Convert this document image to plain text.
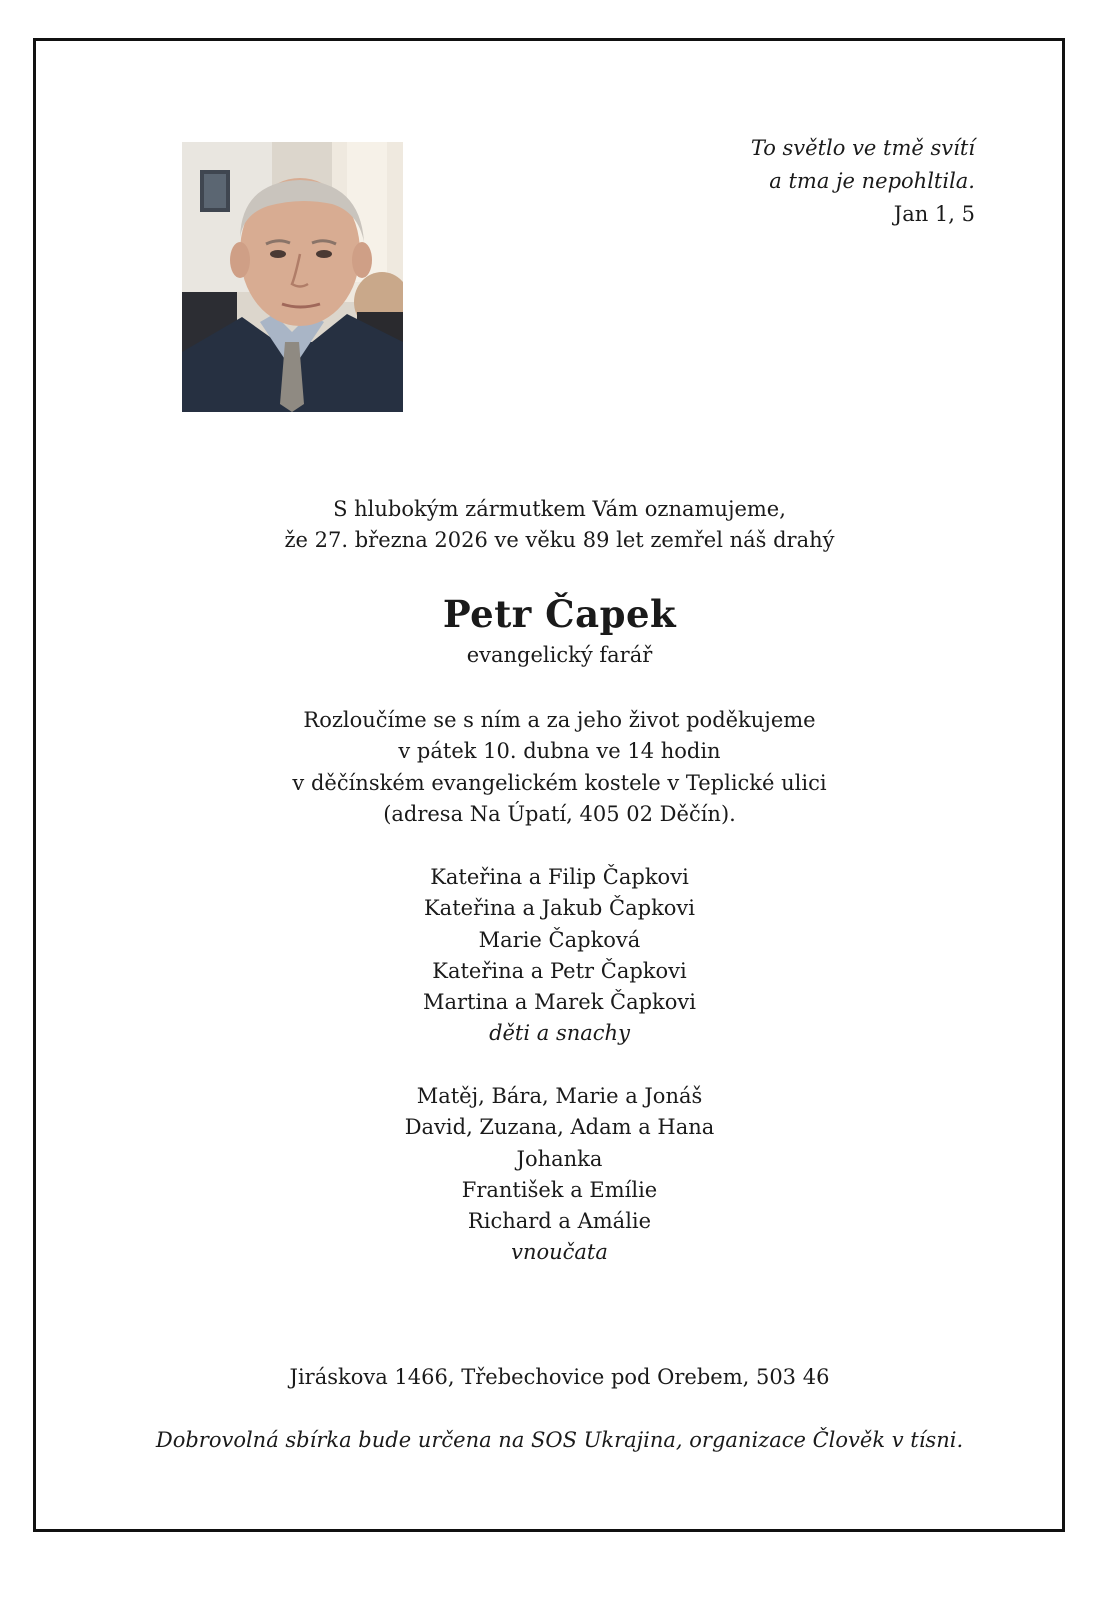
To světlo ve tmě svítí
a tma je nepohltila.
Jan 1, 5
S hlubokým zármutkem Vám oznamujeme,
že 27. března 2026 ve věku 89 let zemřel náš drahý
Petr Čapek
evangelický farář
Rozloučíme se s ním a za jeho život poděkujeme
v pátek 10. dubna ve 14 hodin
v děčínském evangelickém kostele v Teplické ulici
(adresa Na Úpatí, 405 02 Děčín).
Kateřina a Filip Čapkovi
Kateřina a Jakub Čapkovi
Marie Čapková
Kateřina a Petr Čapkovi
Martina a Marek Čapkovi
děti a snachy
Matěj, Bára, Marie a Jonáš
David, Zuzana, Adam a Hana
Johanka
František a Emílie
Richard a Amálie
vnoučata
Jiráskova 1466, Třebechovice pod Orebem, 503 46
Dobrovolná sbírka bude určena na SOS Ukrajina, organizace Člověk v tísni.
